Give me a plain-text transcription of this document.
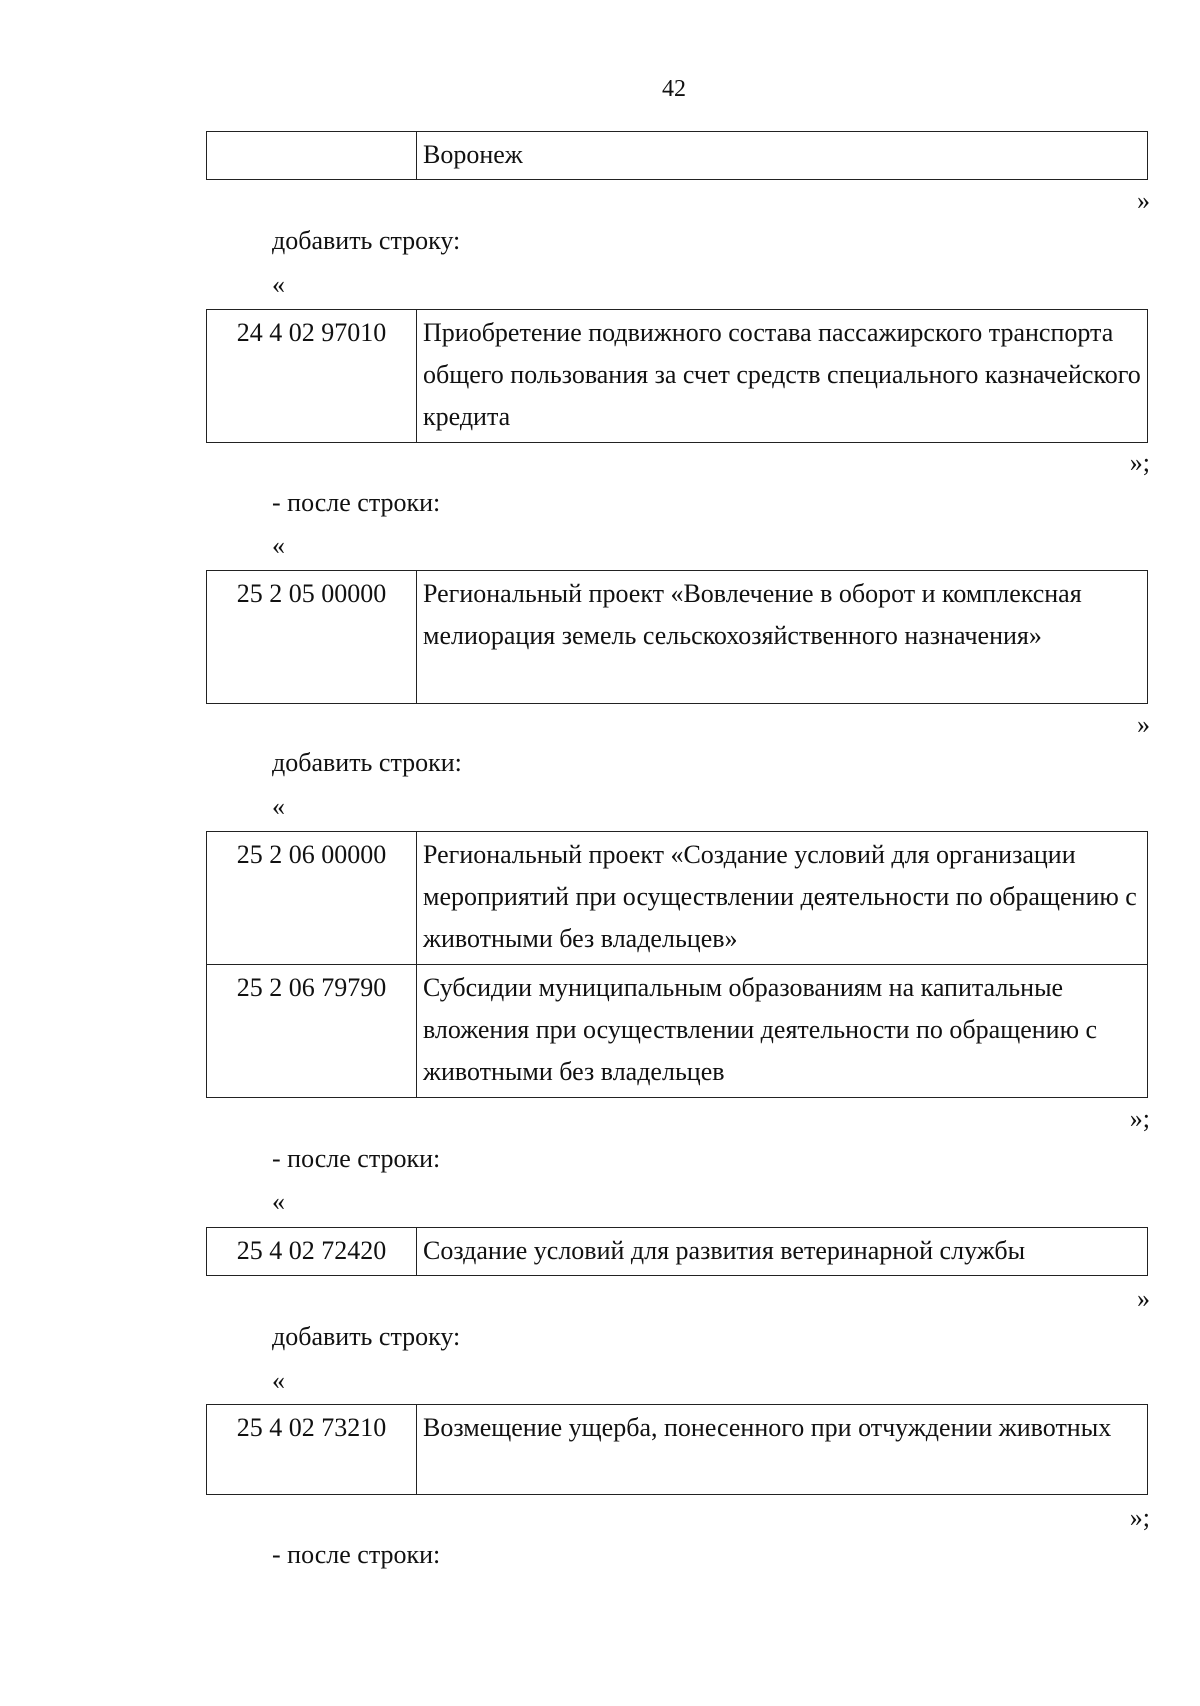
42
	Воронеж
»
добавить строку:
«
24 4 02 97010	Приобретение подвижного состава пассажирского транспорта общего пользования за счет средств специального казначейского кредита
»;
- после строки:
«
25 2 05 00000	Региональный проект «Вовлечение в оборот и комплексная мелиорация земель сельскохозяйственного назначения»
»
добавить строки:
«
25 2 06 00000	Региональный проект «Создание условий для организации мероприятий при осуществлении деятельности по обращению с животными без владельцев»
25 2 06 79790	Субсидии муниципальным образованиям на капитальные вложения при осуществлении деятельности по обращению с животными без владельцев
»;
- после строки:
«
25 4 02 72420	Создание условий для развития ветеринарной службы
»
добавить строку:
«
25 4 02 73210	Возмещение ущерба, понесенного при отчуждении животных
»;
- после строки:
